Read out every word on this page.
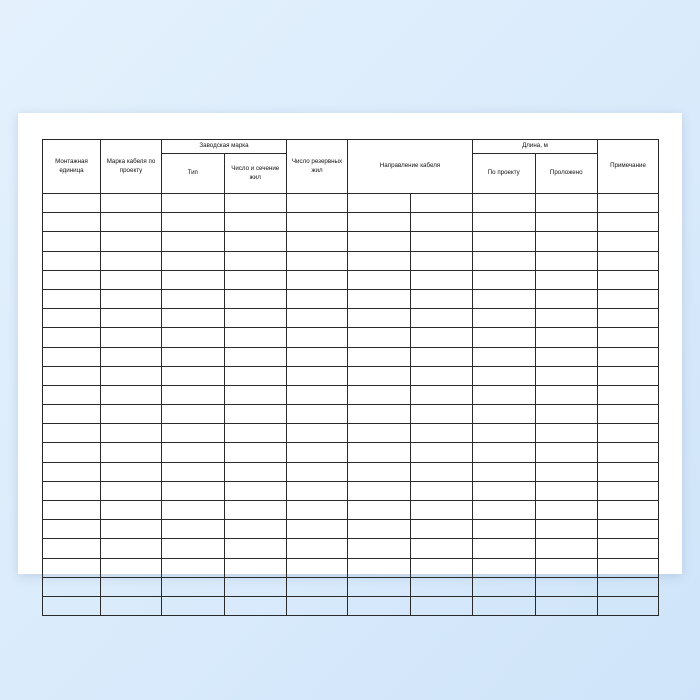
Монтажная единица	Марка кабеля по проекту	Заводская марка		Число резервных жил	Направление кабеля		Длина, м		Примечание

		Тип	Число и сечение жил				По проекту	Проложено	
